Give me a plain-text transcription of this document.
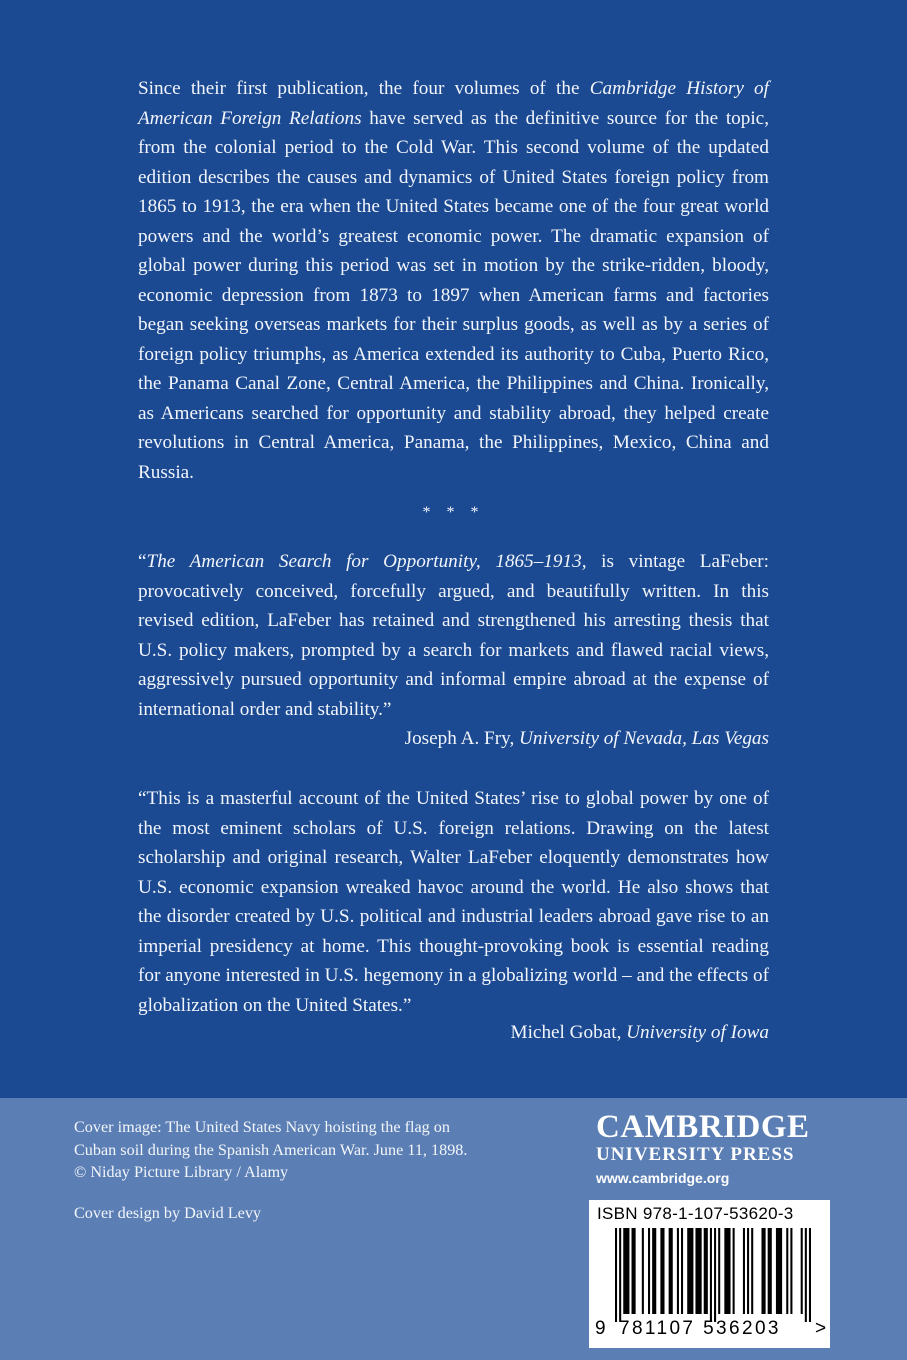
Since their first publication, the four volumes of the Cambridge History of American Foreign Relations have served as the definitive source for the topic, from the colonial period to the Cold War. This second volume of the updated edition describes the causes and dynamics of United States foreign policy from 1865 to 1913, the era when the United States became one of the four great world powers and the world’s greatest economic power. The dramatic expansion of global power during this period was set in motion by the strike-ridden, bloody, economic depression from 1873 to 1897 when American farms and factories began seeking overseas markets for their surplus goods, as well as by a series of foreign policy triumphs, as America extended its authority to Cuba, Puerto Rico, the Panama Canal Zone, Central America, the Philippines and China. Ironically, as Americans searched for opportunity and stability abroad, they helped create revolutions in Central America, Panama, the Philippines, Mexico, China and Russia.

* * *

“The American Search for Opportunity, 1865–1913, is vintage LaFeber: provocatively conceived, forcefully argued, and beautifully written. In this revised edition, LaFeber has retained and strengthened his arresting thesis that U.S. policy makers, prompted by a search for markets and flawed racial views, aggressively pursued opportunity and informal empire abroad at the expense of international order and stability.”

Joseph A. Fry, University of Nevada, Las Vegas

“This is a masterful account of the United States’ rise to global power by one of the most eminent scholars of U.S. foreign relations. Drawing on the latest scholarship and original research, Walter LaFeber eloquently demonstrates how U.S. economic expansion wreaked havoc around the world. He also shows that the disorder created by U.S. political and industrial leaders abroad gave rise to an imperial presidency at home. This thought-provoking book is essential reading for anyone interested in U.S. hegemony in a globalizing world – and the effects of globalization on the United States.”

Michel Gobat, University of Iowa

Cover image: The United States Navy hoisting the flag on

Cuban soil during the Spanish American War. June 11, 1898.

© Niday Picture Library / Alamy

Cover design by David Levy

CAMBRIDGE
UNIVERSITY PRESS
www.cambridge.org
ISBN 978-1-107-53620-3
9 781107 536203	>
